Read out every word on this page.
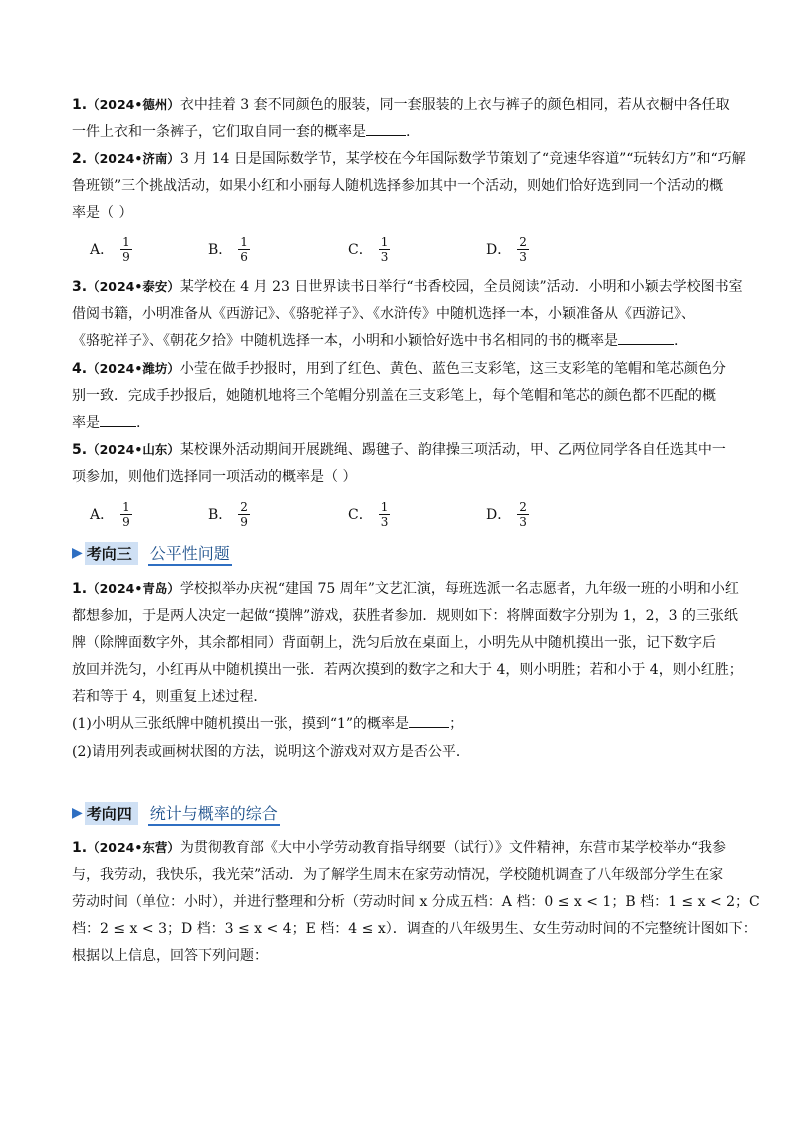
1.（2024•德州）衣中挂着 3 套不同颜色的服装，同一套服装的上衣与裤子的颜色相同，若从衣橱中各任取
一件上衣和一条裤子，它们取自同一套的概率是	.
2.（2024•济南）3 月 14 日是国际数学节，某学校在今年国际数学节策划了“竞速华容道”“玩转幻方”和“巧解
鲁班锁”三个挑战活动，如果小红和小丽每人随机选择参加其中一个活动，则她们恰好选到同一个活动的概
率是（ ）
A． $\frac{1}{9}$	B． $\frac{1}{6}$	C． $\frac{1}{3}$	D． $\frac{2}{3}$
3.（2024•泰安）某学校在 4 月 23 日世界读书日举行“书香校园，全员阅读”活动．小明和小颖去学校图书室
借阅书籍，小明准备从《西游记》、《骆驼祥子》、《水浒传》中随机选择一本，小颖准备从《西游记》、
《骆驼祥子》、《朝花夕拾》中随机选择一本，小明和小颖恰好选中书名相同的书的概率是	.
4.（2024•潍坊）小莹在做手抄报时，用到了红色、黄色、蓝色三支彩笔，这三支彩笔的笔帽和笔芯颜色分
别一致．完成手抄报后，她随机地将三个笔帽分别盖在三支彩笔上，每个笔帽和笔芯的颜色都不匹配的概
率是	.
5.（2024•山东）某校课外活动期间开展跳绳、踢毽子、韵律操三项活动，甲、乙两位同学各自任选其中一
项参加，则他们选择同一项活动的概率是（ ）
A． $\frac{1}{9}$	B． $\frac{2}{9}$	C． $\frac{1}{3}$	D． $\frac{2}{3}$
▶ 考向三	公平性问题
1.（2024•青岛）学校拟举办庆祝“建国 75 周年”文艺汇演，每班选派一名志愿者，九年级一班的小明和小红
都想参加，于是两人决定一起做“摸牌”游戏，获胜者参加．规则如下：将牌面数字分别为 1，2，3 的三张纸
牌（除牌面数字外，其余都相同）背面朝上，洗匀后放在桌面上，小明先从中随机摸出一张，记下数字后
放回并洗匀，小红再从中随机摸出一张．若两次摸到的数字之和大于 4，则小明胜；若和小于 4，则小红胜；
若和等于 4，则重复上述过程．
(1)小明从三张纸牌中随机摸出一张，摸到“1”的概率是	；
(2)请用列表或画树状图的方法，说明这个游戏对双方是否公平．
▶ 考向四	统计与概率的综合
1.（2024•东营）为贯彻教育部《大中小学劳动教育指导纲要（试行）》文件精神，东营市某学校举办“我参
与，我劳动，我快乐，我光荣”活动．为了解学生周末在家劳动情况，学校随机调查了八年级部分学生在家
劳动时间（单位：小时），并进行整理和分析（劳动时间 x 分成五档：A 档：0 ≤ x < 1；B 档：1 ≤ x < 2；C
档：2 ≤ x < 3；D 档：3 ≤ x < 4；E 档：4 ≤ x）．调查的八年级男生、女生劳动时间的不完整统计图如下：
根据以上信息，回答下列问题：
